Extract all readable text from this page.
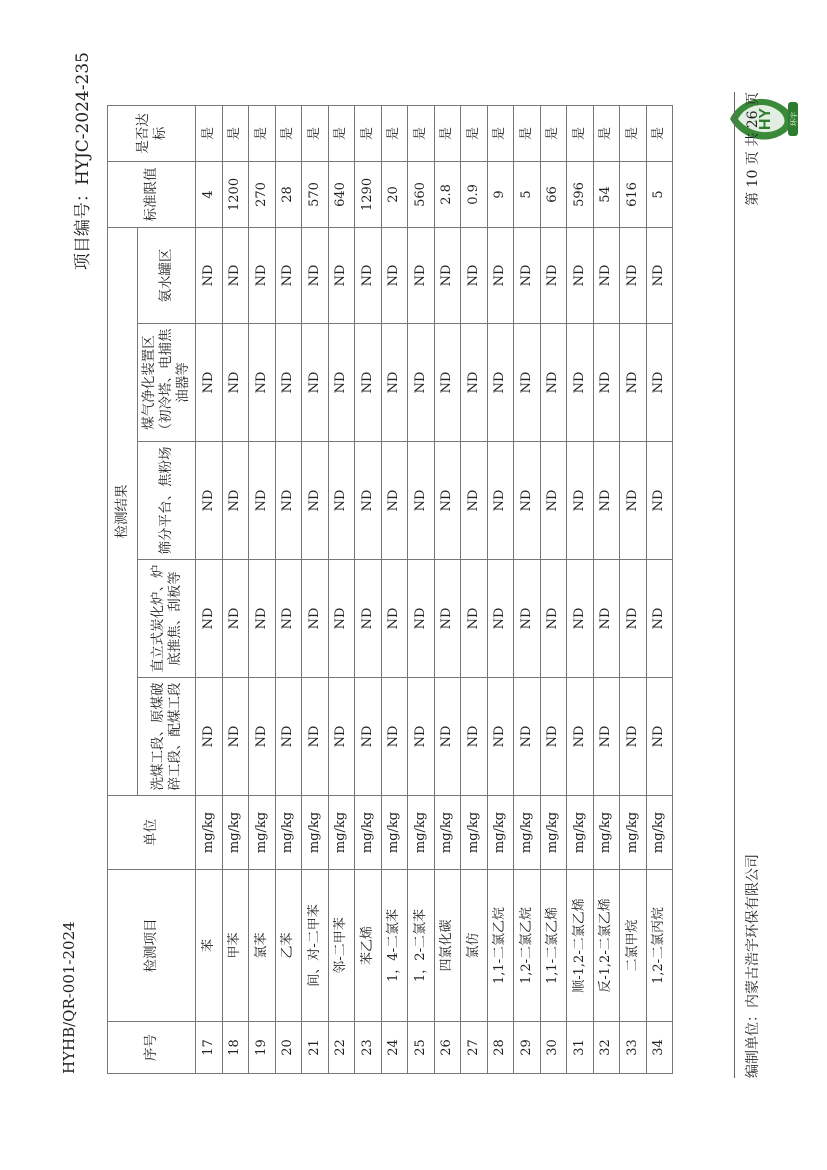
HYHB/QR-001-2024
项目编号：HYJC-2024-235	HY 环宇
序号	检测项目	单位	检测结果					标准限值	是否达标
			洗煤工段、原煤破碎工段、配煤工段	直立式炭化炉、炉底推焦、刮板等	筛分平台、焦粉场	煤气净化装置区（初冷塔、电捕焦油器等	氨水罐区		
17	苯	mg/kg	ND	ND	ND	ND	ND	4	是
18	甲苯	mg/kg	ND	ND	ND	ND	ND	1200	是
19	氯苯	mg/kg	ND	ND	ND	ND	ND	270	是
20	乙苯	mg/kg	ND	ND	ND	ND	ND	28	是
21	间、对-二甲苯	mg/kg	ND	ND	ND	ND	ND	570	是
22	邻-二甲苯	mg/kg	ND	ND	ND	ND	ND	640	是
23	苯乙烯	mg/kg	ND	ND	ND	ND	ND	1290	是
24	1，4-二氯苯	mg/kg	ND	ND	ND	ND	ND	20	是
25	1，2-二氯苯	mg/kg	ND	ND	ND	ND	ND	560	是
26	四氯化碳	mg/kg	ND	ND	ND	ND	ND	2.8	是
27	氯仿	mg/kg	ND	ND	ND	ND	ND	0.9	是
28	1,1-二氯乙烷	mg/kg	ND	ND	ND	ND	ND	9	是
29	1,2-二氯乙烷	mg/kg	ND	ND	ND	ND	ND	5	是
30	1,1-二氯乙烯	mg/kg	ND	ND	ND	ND	ND	66	是
31	顺-1,2-二氯乙烯	mg/kg	ND	ND	ND	ND	ND	596	是
32	反-1,2-二氯乙烯	mg/kg	ND	ND	ND	ND	ND	54	是
33	二氯甲烷	mg/kg	ND	ND	ND	ND	ND	616	是
34	1,2-二氯丙烷	mg/kg	ND	ND	ND	ND	ND	5	是
编制单位：内蒙古浩宇环保有限公司
第 10 页 共 26 页
